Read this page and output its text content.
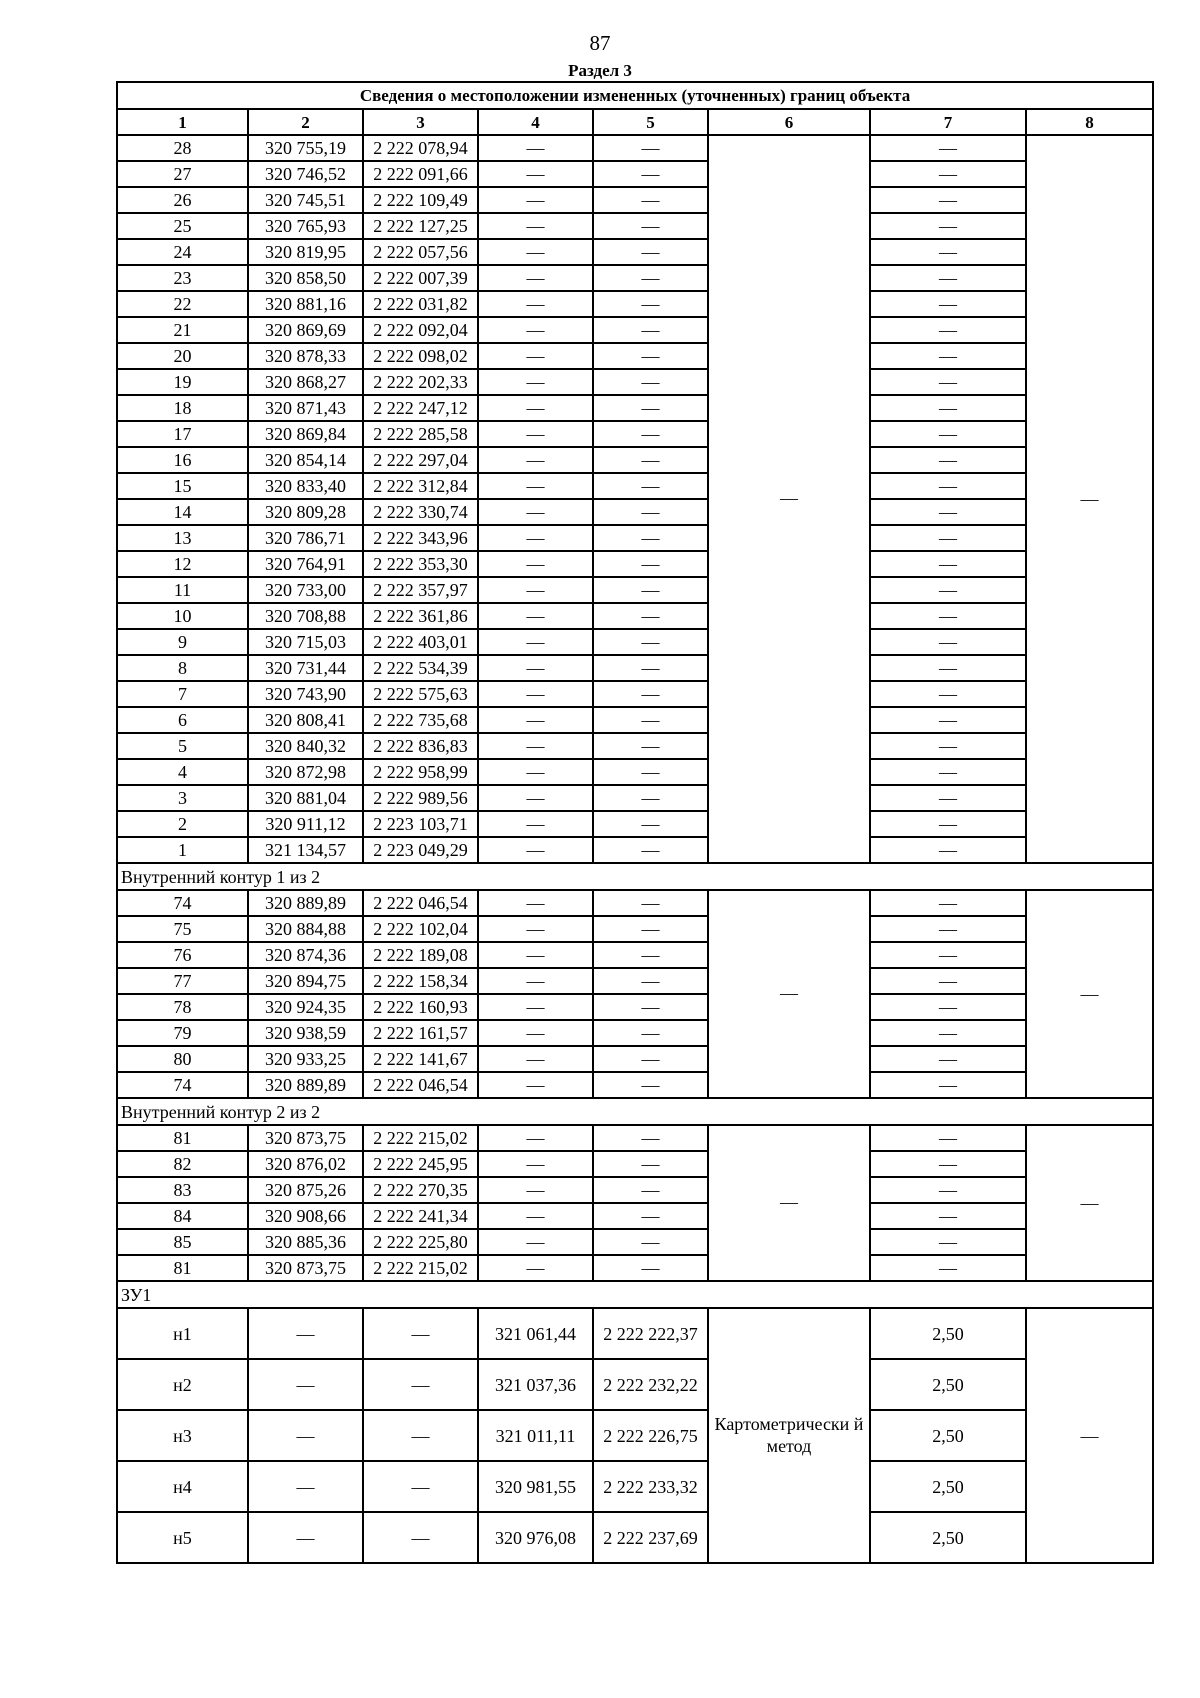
87
Раздел 3
Сведения о местоположении измененных (уточненных) границ объекта							
1	2	3	4	5	6	7	8
28	320 755,19	2 222 078,94	—	—	—	—	—
27	320 746,52	2 222 091,66	—	—		—	
26	320 745,51	2 222 109,49	—	—		—	
25	320 765,93	2 222 127,25	—	—		—	
24	320 819,95	2 222 057,56	—	—		—	
23	320 858,50	2 222 007,39	—	—		—	
22	320 881,16	2 222 031,82	—	—		—	
21	320 869,69	2 222 092,04	—	—		—	
20	320 878,33	2 222 098,02	—	—		—	
19	320 868,27	2 222 202,33	—	—		—	
18	320 871,43	2 222 247,12	—	—		—	
17	320 869,84	2 222 285,58	—	—		—	
16	320 854,14	2 222 297,04	—	—		—	
15	320 833,40	2 222 312,84	—	—		—	
14	320 809,28	2 222 330,74	—	—		—	
13	320 786,71	2 222 343,96	—	—		—	
12	320 764,91	2 222 353,30	—	—		—	
11	320 733,00	2 222 357,97	—	—		—	
10	320 708,88	2 222 361,86	—	—		—	
9	320 715,03	2 222 403,01	—	—		—	
8	320 731,44	2 222 534,39	—	—		—	
7	320 743,90	2 222 575,63	—	—		—	
6	320 808,41	2 222 735,68	—	—		—	
5	320 840,32	2 222 836,83	—	—		—	
4	320 872,98	2 222 958,99	—	—		—	
3	320 881,04	2 222 989,56	—	—		—	
2	320 911,12	2 223 103,71	—	—		—	
1	321 134,57	2 223 049,29	—	—		—	
Внутренний контур 1 из 2							
74	320 889,89	2 222 046,54	—	—	—	—	—
75	320 884,88	2 222 102,04	—	—		—	
76	320 874,36	2 222 189,08	—	—		—	
77	320 894,75	2 222 158,34	—	—		—	
78	320 924,35	2 222 160,93	—	—		—	
79	320 938,59	2 222 161,57	—	—		—	
80	320 933,25	2 222 141,67	—	—		—	
74	320 889,89	2 222 046,54	—	—		—	
Внутренний контур 2 из 2							
81	320 873,75	2 222 215,02	—	—	—	—	—
82	320 876,02	2 222 245,95	—	—		—	
83	320 875,26	2 222 270,35	—	—		—	
84	320 908,66	2 222 241,34	—	—		—	
85	320 885,36	2 222 225,80	—	—		—	
81	320 873,75	2 222 215,02	—	—		—	
ЗУ1							
н1	—	—	321 061,44	2 222 222,37	Картометрически й метод	2,50	—
н2	—	—	321 037,36	2 222 232,22		2,50	
н3	—	—	321 011,11	2 222 226,75		2,50	
н4	—	—	320 981,55	2 222 233,32		2,50	
н5	—	—	320 976,08	2 222 237,69		2,50	
